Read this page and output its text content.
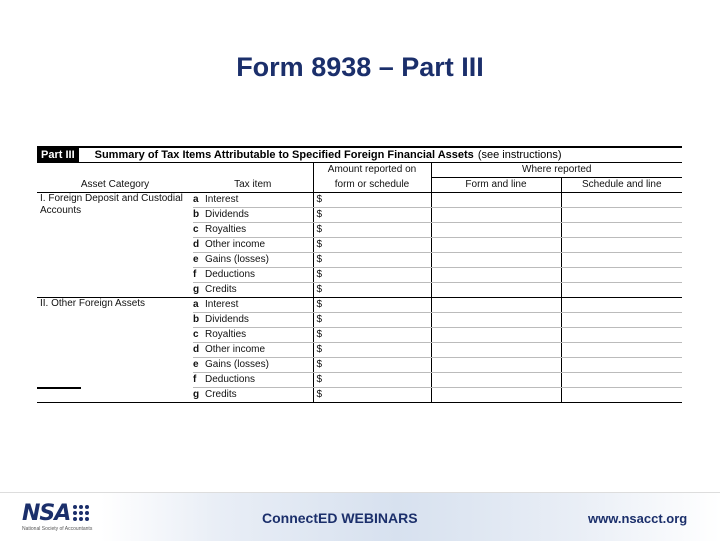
Form 8938 – Part III
Part III	Summary of Tax Items Attributable to Specified Foreign Financial Assets (see instructions)
Asset Category	Tax item	Amount reported on	Where reported	
		form or schedule	Form and line	Schedule and line
I. Foreign Deposit and Custodial Accounts	a Interest	$		
	b Dividends	$		
	c Royalties	$		
	d Other income	$		
	e Gains (losses)	$		
	f Deductions	$		
	g Credits	$		
II. Other Foreign Assets	a Interest	$		
	b Dividends	$		
	c Royalties	$		
	d Other income	$		
	e Gains (losses)	$		
	f Deductions	$		
	g Credits	$		
NSA
National Society of Accountants
ConnectED WEBINARS	www.nsacct.org
